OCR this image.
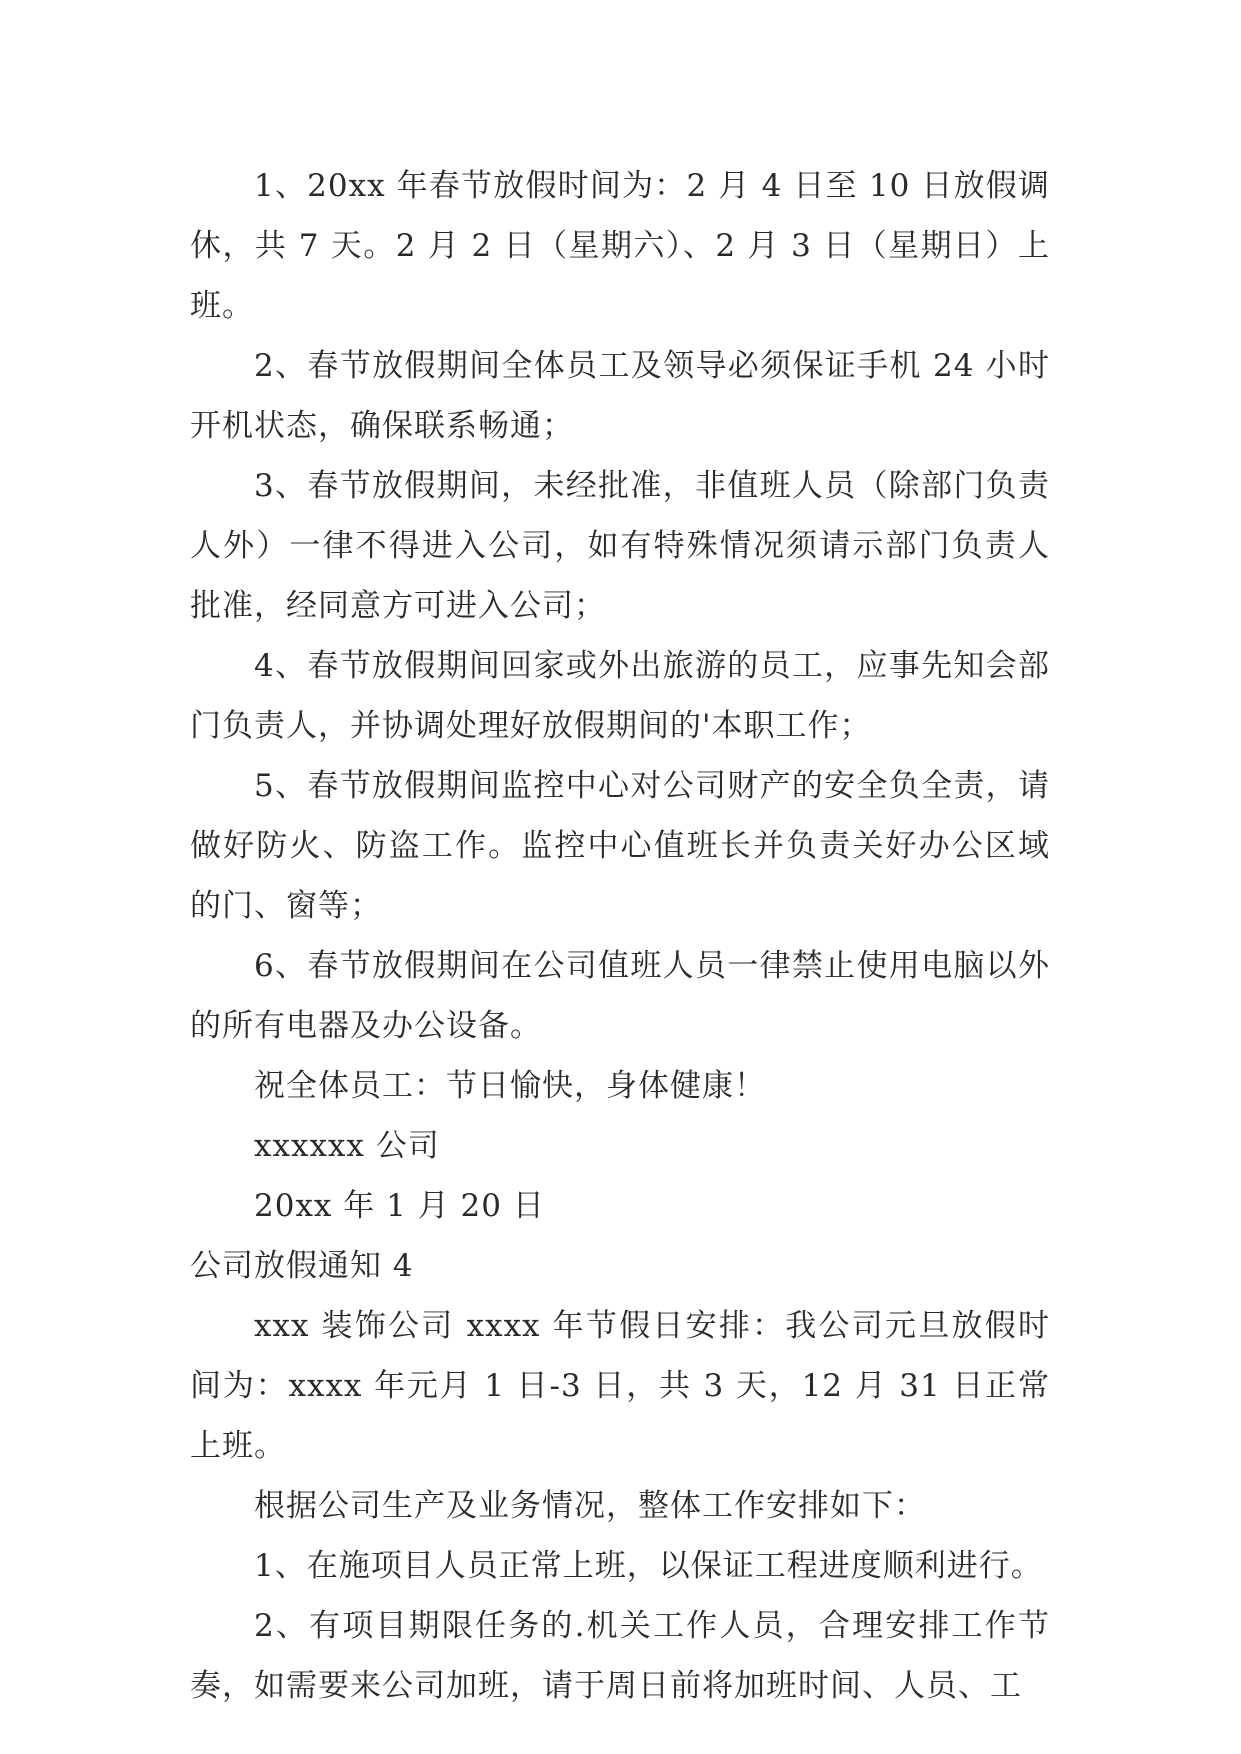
1、20xx 年春节放假时间为：2 月 4 日至 10 日放假调休，共 7 天。2 月 2 日（星期六）、2 月 3 日（星期日）上班。

2、春节放假期间全体员工及领导必须保证手机 24 小时开机状态，确保联系畅通；

3、春节放假期间，未经批准，非值班人员（除部门负责人外）一律不得进入公司，如有特殊情况须请示部门负责人批准，经同意方可进入公司；

4、春节放假期间回家或外出旅游的员工，应事先知会部门负责人，并协调处理好放假期间的'本职工作；

5、春节放假期间监控中心对公司财产的安全负全责，请做好防火、防盗工作。监控中心值班长并负责关好办公区域的门、窗等；

6、春节放假期间在公司值班人员一律禁止使用电脑以外的所有电器及办公设备。

祝全体员工：节日愉快，身体健康！

xxxxxx 公司

20xx 年 1 月 20 日

公司放假通知 4

xxx 装饰公司 xxxx 年节假日安排：我公司元旦放假时间为：xxxx 年元月 1 日-3 日，共 3 天，12 月 31 日正常上班。

根据公司生产及业务情况，整体工作安排如下：

1、在施项目人员正常上班，以保证工程进度顺利进行。

2、有项目期限任务的.机关工作人员，合理安排工作节奏，如需要来公司加班，请于周日前将加班时间、人员、工
